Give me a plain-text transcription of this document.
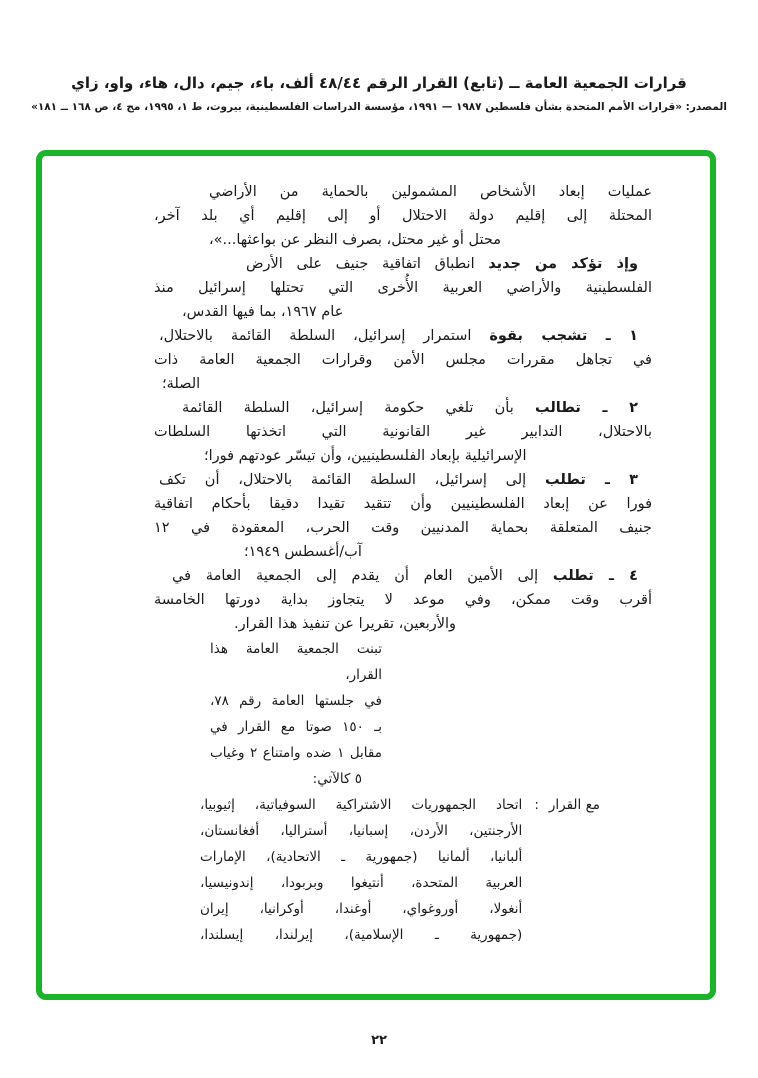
قرارات الجمعية العامة ــ (تابع) القرار الرقم ٤٨/٤٤ ألف، باء، جيم، دال، هاء، واو، زاي
المصدر: «قرارات الأمم المتحدة بشأن فلسطين ١٩٨٧ — ١٩٩١، مؤسسة الدراسات الفلسطينية، بيروت، ط ١، ١٩٩٥، مج ٤، ص ١٦٨ ــ ١٨١»
عمليات إبعاد الأشخاص المشمولين بالحماية من الأراضي
المحتلة إلى إقليم دولة الاحتلال أو إلى إقليم أي بلد آخر،
محتل أو غير محتل، بصرف النظر عن بواعثها...»،
وإذ تؤكد من جديد انطباق اتفاقية جنيف على الأرض
الفلسطينية والأراضي العربية الأُخرى التي تحتلها إسرائيل منذ
عام ١٩٦٧، بما فيها القدس،
١ ـ تشجب بقوة استمرار إسرائيل، السلطة القائمة بالاحتلال،
في تجاهل مقررات مجلس الأمن وقرارات الجمعية العامة ذات
الصلة؛
٢ ـ تطالب بأن تلغي حكومة إسرائيل، السلطة القائمة
بالاحتلال، التدابير غير القانونية التي اتخذتها السلطات
الإسرائيلية بإبعاد الفلسطينيين، وأن تيسّر عودتهم فورا؛
٣ ـ تطلب إلى إسرائيل، السلطة القائمة بالاحتلال، أن تكف
فورا عن إبعاد الفلسطينيين وأن تتقيد تقيدا دقيقا بأحكام اتفاقية
جنيف المتعلقة بحماية المدنيين وقت الحرب، المعقودة في ١٢
آب/أغسطس ١٩٤٩؛
٤ ـ تطلب إلى الأمين العام أن يقدم إلى الجمعية العامة في
أقرب وقت ممكن، وفي موعد لا يتجاوز بداية دورتها الخامسة
والأربعين، تقريرا عن تنفيذ هذا القرار.
تبنت الجمعية العامة هذا القرار،
في جلستها العامة رقم ٧٨،
بـ ١٥٠ صوتا مع القرار في
مقابل ١ ضده وامتناع ٢ وغياب
٥ كالآتي:
مع القرار
:
اتحاد الجمهوريات الاشتراكية السوفياتية، إثيوبيا،
الأرجنتين، الأردن، إسبانيا، أستراليا، أفغانستان،
ألبانيا، ألمانيا (جمهورية ـ الاتحادية)، الإمارات
العربية المتحدة، أنتيغوا وبربودا، إندونيسيا،
أنغولا، أوروغواي، أوغندا، أوكرانيا، إيران
(جمهورية ـ الإسلامية)، إيرلندا، إيسلندا،
٢٢
